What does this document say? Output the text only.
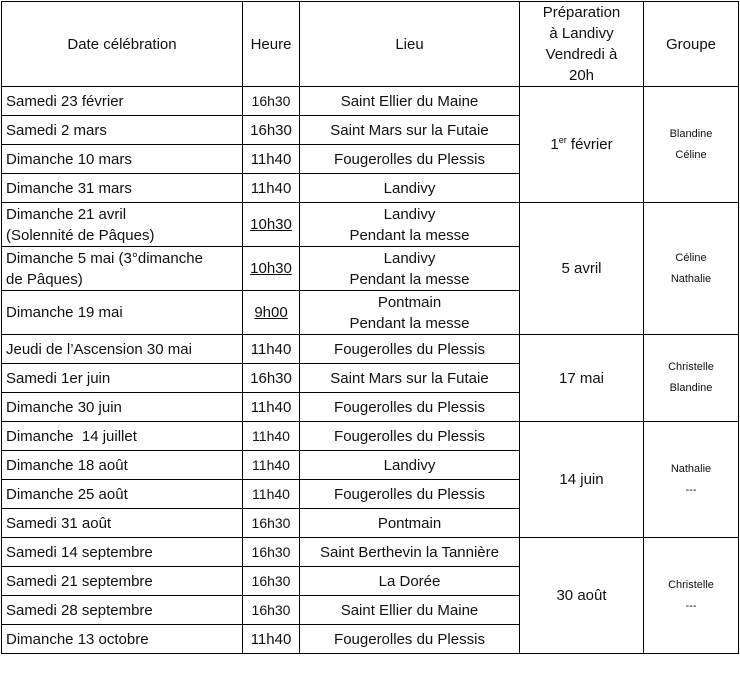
Date célébration	Heure	Lieu	Préparation
à Landivy
Vendredi à
20h	Groupe
Samedi 23 février	16h30	Saint Ellier du Maine	1er février	Blandine
Céline

Samedi 2 mars	16h30	Saint Mars sur la Futaie		

Dimanche 10 mars	11h40	Fougerolles du Plessis		

Dimanche 31 mars	11h40	Landivy		

Dimanche 21 avril
(Solennité de Pâques)	10h30	Landivy
Pendant la messe	5 avril	Céline
Nathalie

Dimanche 5 mai (3°dimanche
de Pâques)	10h30	Landivy
Pendant la messe		

Dimanche 19 mai	9h00	Pontmain
Pendant la messe		

Jeudi de l’Ascension 30 mai	11h40	Fougerolles du Plessis	17 mai	Christelle
Blandine

Samedi 1er juin	16h30	Saint Mars sur la Futaie		

Dimanche 30 juin	11h40	Fougerolles du Plessis		

Dimanche  14 juillet	11h40	Fougerolles du Plessis	14 juin	Nathalie
---

Dimanche 18 août	11h40	Landivy		

Dimanche 25 août	11h40	Fougerolles du Plessis		

Samedi 31 août	16h30	Pontmain		

Samedi 14 septembre	16h30	Saint Berthevin la Tannière	30 août	Christelle
---

Samedi 21 septembre	16h30	La Dorée		

Samedi 28 septembre	16h30	Saint Ellier du Maine		

Dimanche 13 octobre	11h40	Fougerolles du Plessis		
